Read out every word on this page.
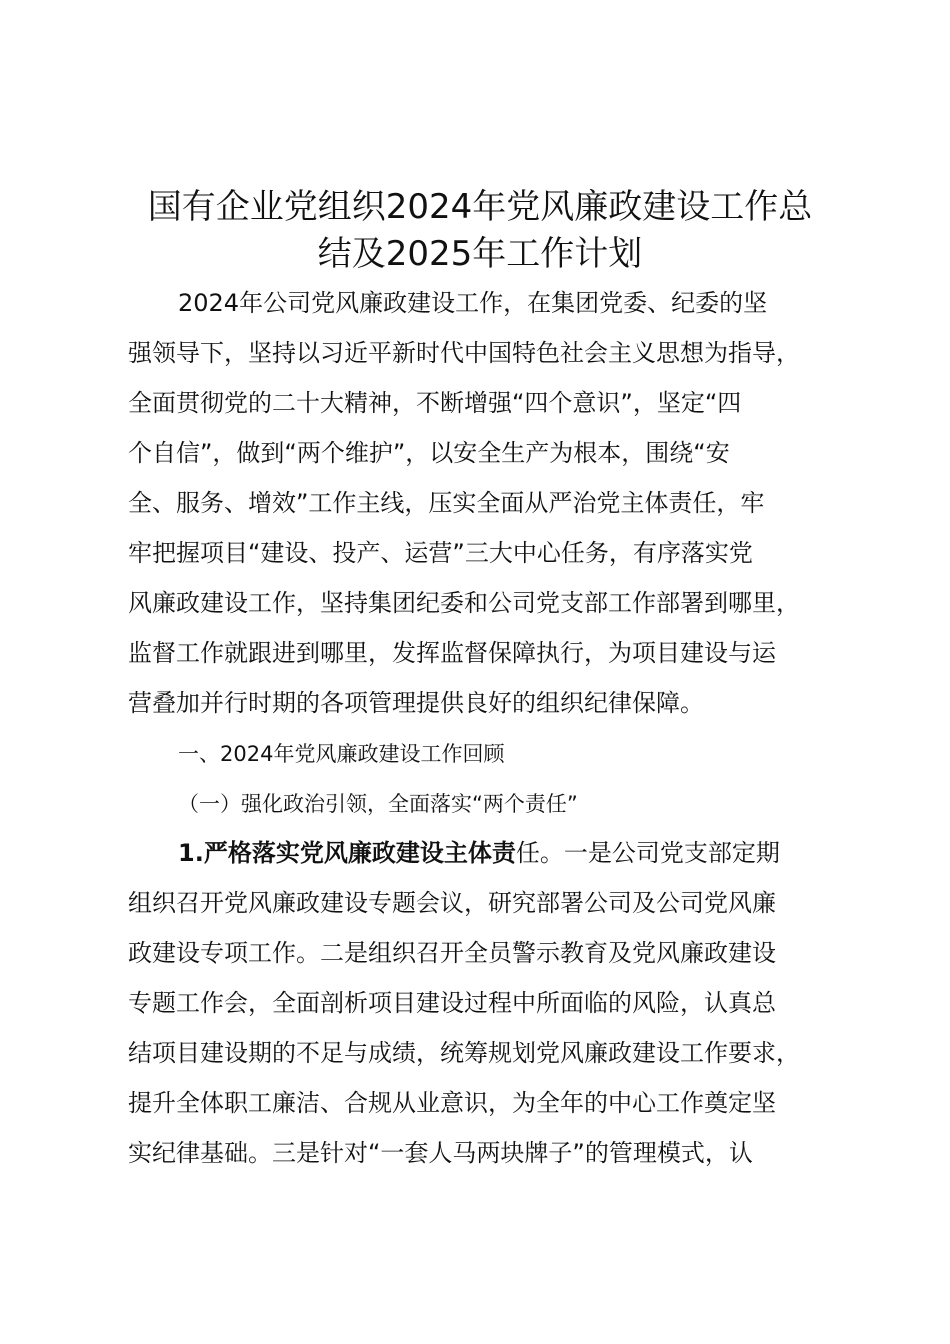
国有企业党组织2024年党风廉政建设工作总
结及2025年工作计划

2024年公司党风廉政建设工作，在集团党委、纪委的坚

强领导下，坚持以习近平新时代中国特色社会主义思想为指导，

全面贯彻党的二十大精神，不断增强“四个意识”，坚定“四

个自信”，做到“两个维护”，以安全生产为根本，围绕“安

全、服务、增效”工作主线，压实全面从严治党主体责任，牢

牢把握项目“建设、投产、运营”三大中心任务，有序落实党

风廉政建设工作，坚持集团纪委和公司党支部工作部署到哪里，

监督工作就跟进到哪里，发挥监督保障执行，为项目建设与运

营叠加并行时期的各项管理提供良好的组织纪律保障。

一、2024年党风廉政建设工作回顾

（一）强化政治引领，全面落实“两个责任”

1.严格落实党风廉政建设主体责任。一是公司党支部定期

组织召开党风廉政建设专题会议，研究部署公司及公司党风廉

政建设专项工作。二是组织召开全员警示教育及党风廉政建设

专题工作会，全面剖析项目建设过程中所面临的风险，认真总

结项目建设期的不足与成绩，统筹规划党风廉政建设工作要求，

提升全体职工廉洁、合规从业意识，为全年的中心工作奠定坚

实纪律基础。三是针对“一套人马两块牌子”的管理模式，认
